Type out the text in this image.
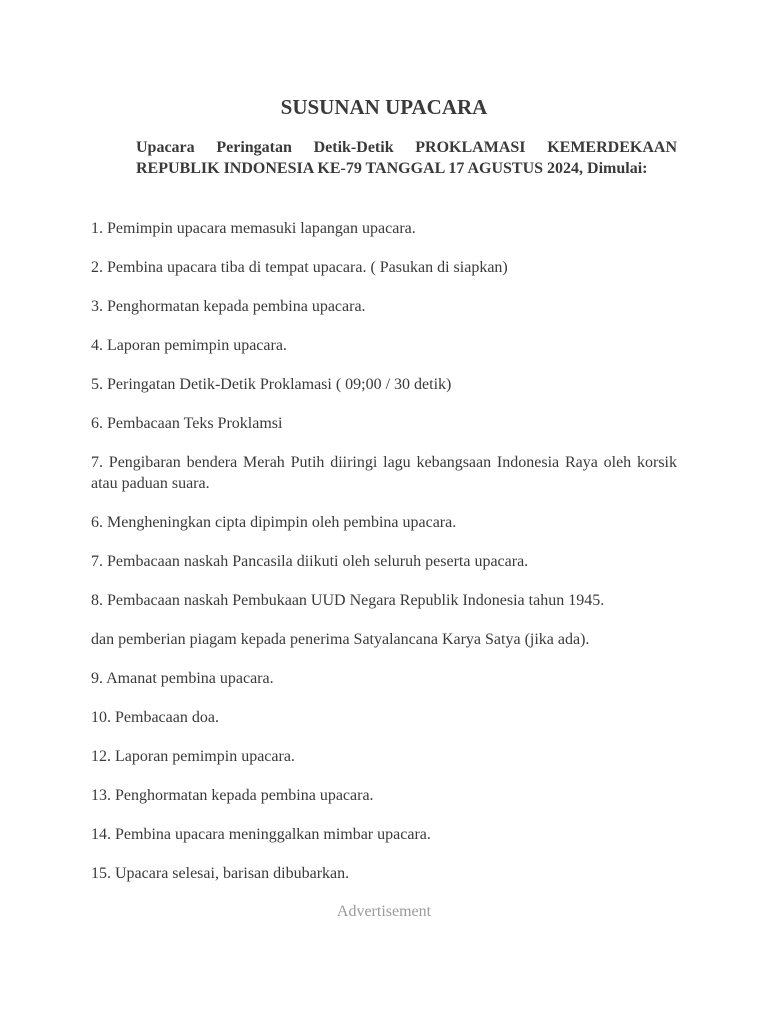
SUSUNAN UPACARA

Upacara Peringatan Detik-Detik PROKLAMASI KEMERDEKAAN REPUBLIK INDONESIA KE-79 TANGGAL 17 AGUSTUS 2024, Dimulai:

1. Pemimpin upacara memasuki lapangan upacara.
2. Pembina upacara tiba di tempat upacara. ( Pasukan di siapkan)
3. Penghormatan kepada pembina upacara.
4. Laporan pemimpin upacara.
5. Peringatan Detik-Detik Proklamasi ( 09;00 / 30 detik)
6. Pembacaan Teks Proklamsi
7. Pengibaran bendera Merah Putih diiringi lagu kebangsaan Indonesia Raya oleh korsik atau paduan suara.
6. Mengheningkan cipta dipimpin oleh pembina upacara.
7. Pembacaan naskah Pancasila diikuti oleh seluruh peserta upacara.
8. Pembacaan naskah Pembukaan UUD Negara Republik Indonesia tahun 1945.
dan pemberian piagam kepada penerima Satyalancana Karya Satya (jika ada).
9. Amanat pembina upacara.
10. Pembacaan doa.
12. Laporan pemimpin upacara.
13. Penghormatan kepada pembina upacara.
14. Pembina upacara meninggalkan mimbar upacara.
15. Upacara selesai, barisan dibubarkan.

Advertisement
